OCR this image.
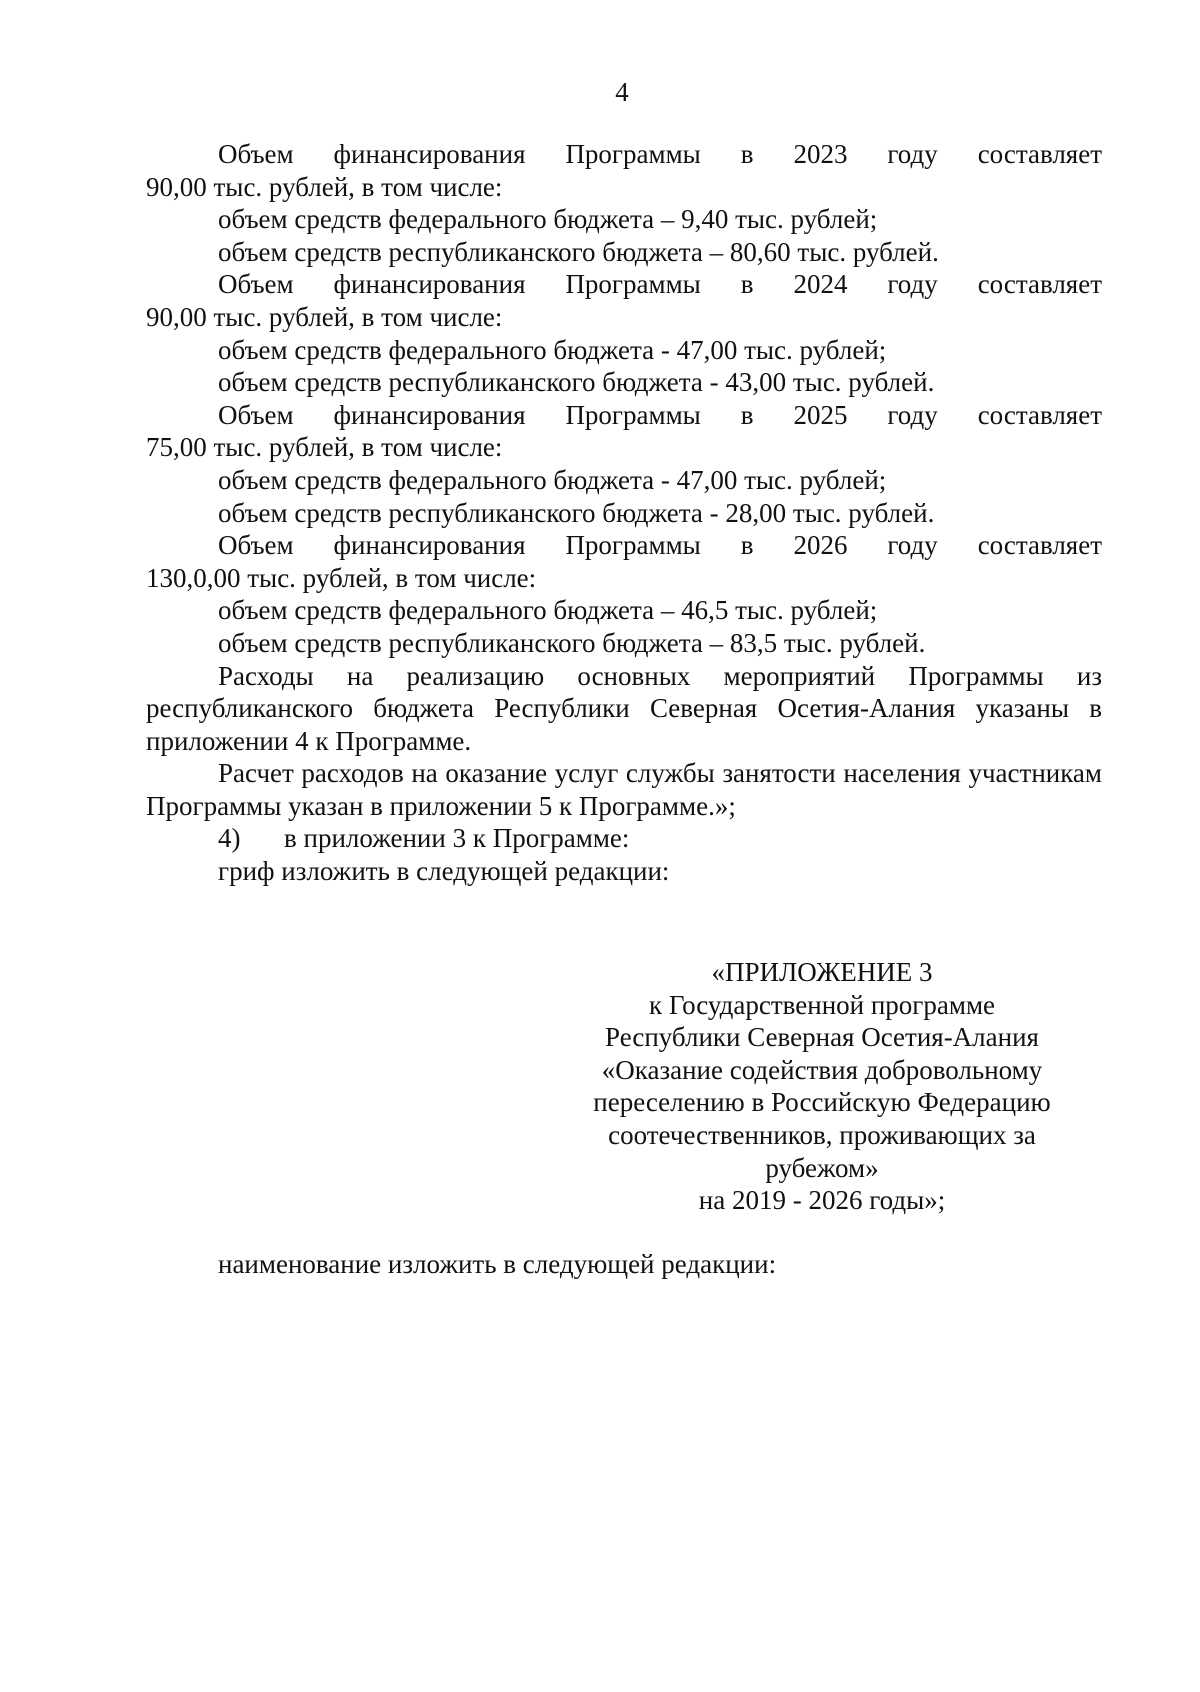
4
Объем финансирования Программы в 2023 году составляет
90,00 тыс. рублей, в том числе:
объем средств федерального бюджета – 9,40 тыс. рублей;
объем средств республиканского бюджета – 80,60 тыс. рублей.
Объем финансирования Программы в 2024 году составляет
90,00 тыс. рублей, в том числе:
объем средств федерального бюджета - 47,00 тыс. рублей;
объем средств республиканского бюджета - 43,00 тыс. рублей.
Объем финансирования Программы в 2025 году составляет
75,00 тыс. рублей, в том числе:
объем средств федерального бюджета - 47,00 тыс. рублей;
объем средств республиканского бюджета - 28,00 тыс. рублей.
Объем финансирования Программы в 2026 году составляет
130,0,00 тыс. рублей, в том числе:
объем средств федерального бюджета – 46,5 тыс. рублей;
объем средств республиканского бюджета – 83,5 тыс. рублей.
Расходы на реализацию основных мероприятий Программы из республиканского бюджета Республики Северная Осетия-Алания указаны в приложении 4 к Программе.
Расчет расходов на оказание услуг службы занятости населения участникам Программы указан в приложении 5 к Программе.»;
4) в приложении 3 к Программе:
гриф изложить в следующей редакции:
«ПРИЛОЖЕНИЕ 3
к Государственной программе
Республики Северная Осетия-Алания
«Оказание содействия добровольному
переселению в Российскую Федерацию
соотечественников, проживающих за
рубежом»
на 2019 - 2026 годы»;
наименование изложить в следующей редакции:
